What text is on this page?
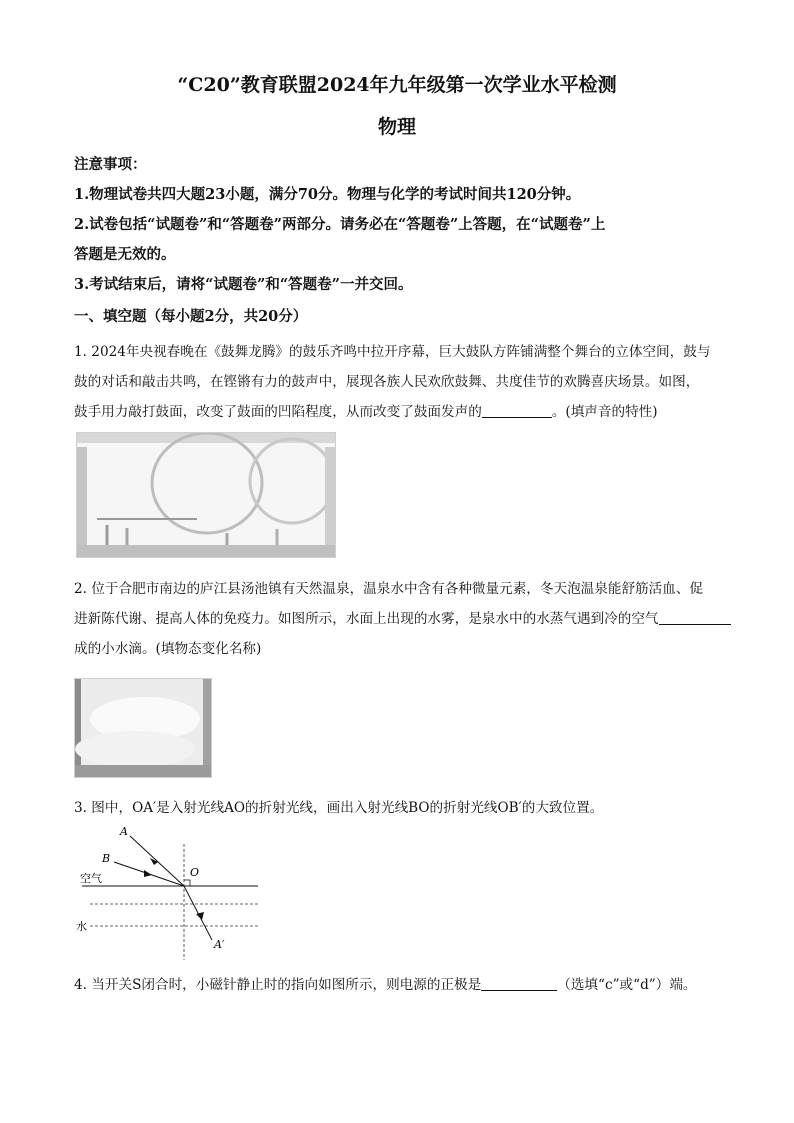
“C20”教育联盟2024年九年级第一次学业水平检测
物理
注意事项：
1.物理试卷共四大题23小题，满分70分。物理与化学的考试时间共120分钟。
2.试卷包括“试题卷”和“答题卷”两部分。请务必在“答题卷”上答题，在“试题卷”上
答题是无效的。
3.考试结束后，请将“试题卷”和“答题卷”一并交回。
一、填空题（每小题2分，共20分）
1. 2024年央视春晚在《鼓舞龙腾》的鼓乐齐鸣中拉开序幕，巨大鼓队方阵铺满整个舞台的立体空间，鼓与
鼓的对话和敲击共鸣，在铿锵有力的鼓声中，展现各族人民欢欣鼓舞、共度佳节的欢腾喜庆场景。如图，
鼓手用力敲打鼓面，改变了鼓面的凹陷程度，从而改变了鼓面发声的	。(填声音的特性)
2. 位于合肥市南边的庐江县汤池镇有天然温泉，温泉水中含有各种微量元素，冬天泡温泉能舒筋活血、促
进新陈代谢、提高人体的免疫力。如图所示，水面上出现的水雾，是泉水中的水蒸气遇到冷的空气
成的小水滴。(填物态变化名称)
3. 图中，OA′是入射光线AO的折射光线，画出入射光线BO的折射光线OB′的大致位置。
A
B
O
空气
水
A′
4. 当开关S闭合时，小磁针静止时的指向如图所示，则电源的正极是	（选填“c”或“d”）端。
